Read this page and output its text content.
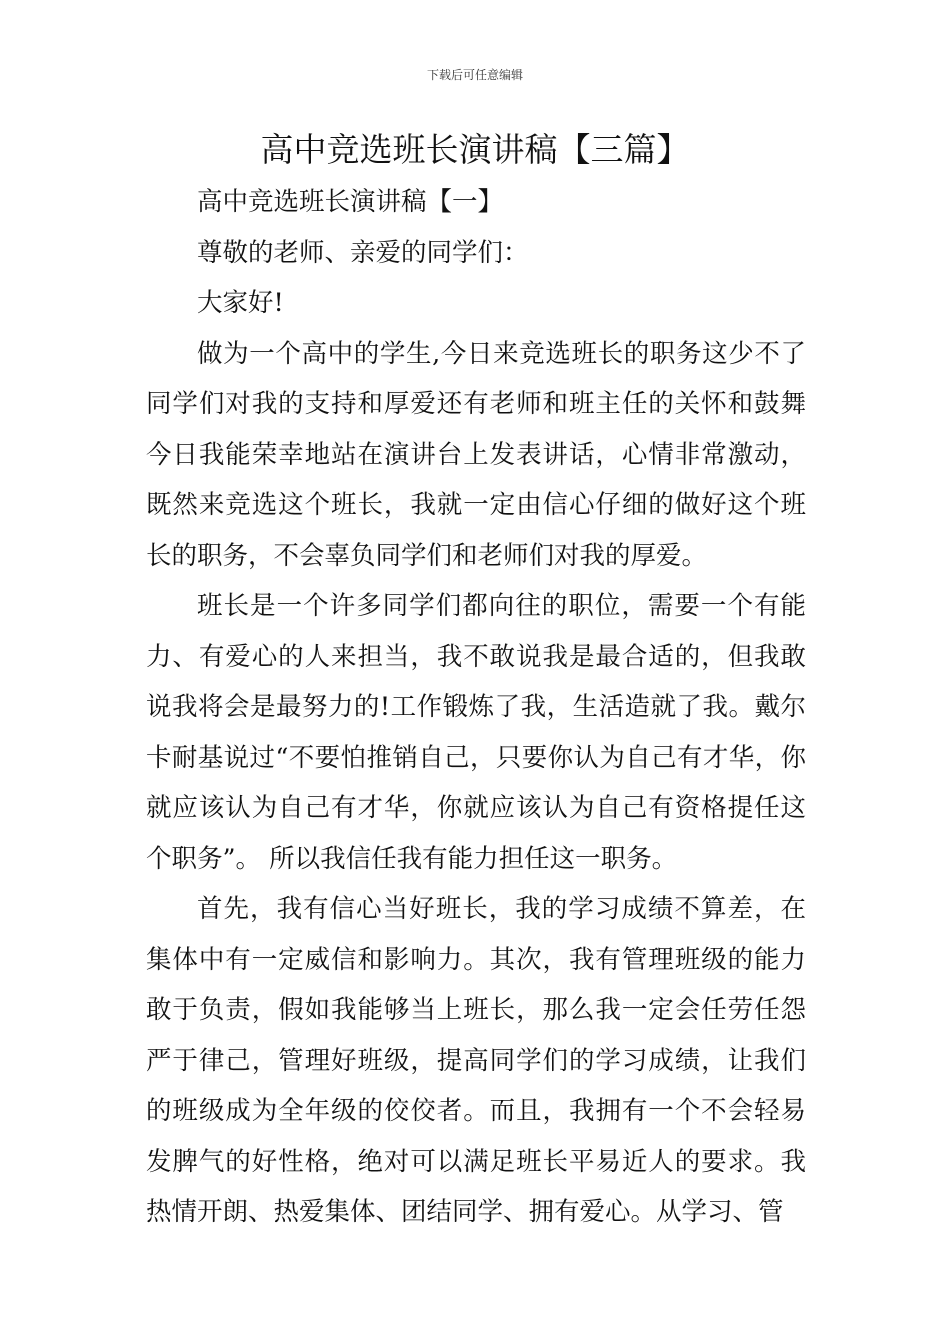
下载后可任意编辑
高中竞选班长演讲稿【三篇】

高中竞选班长演讲稿【一】

尊敬的老师、亲爱的同学们：

大家好!

做为一个高中的学生,今日来竞选班长的职务这少不了同学们对我的支持和厚爱还有老师和班主任的关怀和鼓舞今日我能荣幸地站在演讲台上发表讲话，心情非常激动，既然来竞选这个班长，我就一定由信心仔细的做好这个班长的职务，不会辜负同学们和老师们对我的厚爱。

班长是一个许多同学们都向往的职位，需要一个有能力、有爱心的人来担当，我不敢说我是最合适的，但我敢说我将会是最努力的!工作锻炼了我，生活造就了我。戴尔卡耐基说过“不要怕推销自己，只要你认为自己有才华，你就应该认为自己有才华，你就应该认为自己有资格提任这个职务”。 所以我信任我有能力担任这一职务。

首先，我有信心当好班长，我的学习成绩不算差，在集体中有一定威信和影响力。其次，我有管理班级的能力敢于负责，假如我能够当上班长，那么我一定会任劳任怨严于律己，管理好班级，提高同学们的学习成绩，让我们的班级成为全年级的佼佼者。而且，我拥有一个不会轻易发脾气的好性格，绝对可以满足班长平易近人的要求。我热情开朗、热爱集体、团结同学、拥有爱心。从学习、管
